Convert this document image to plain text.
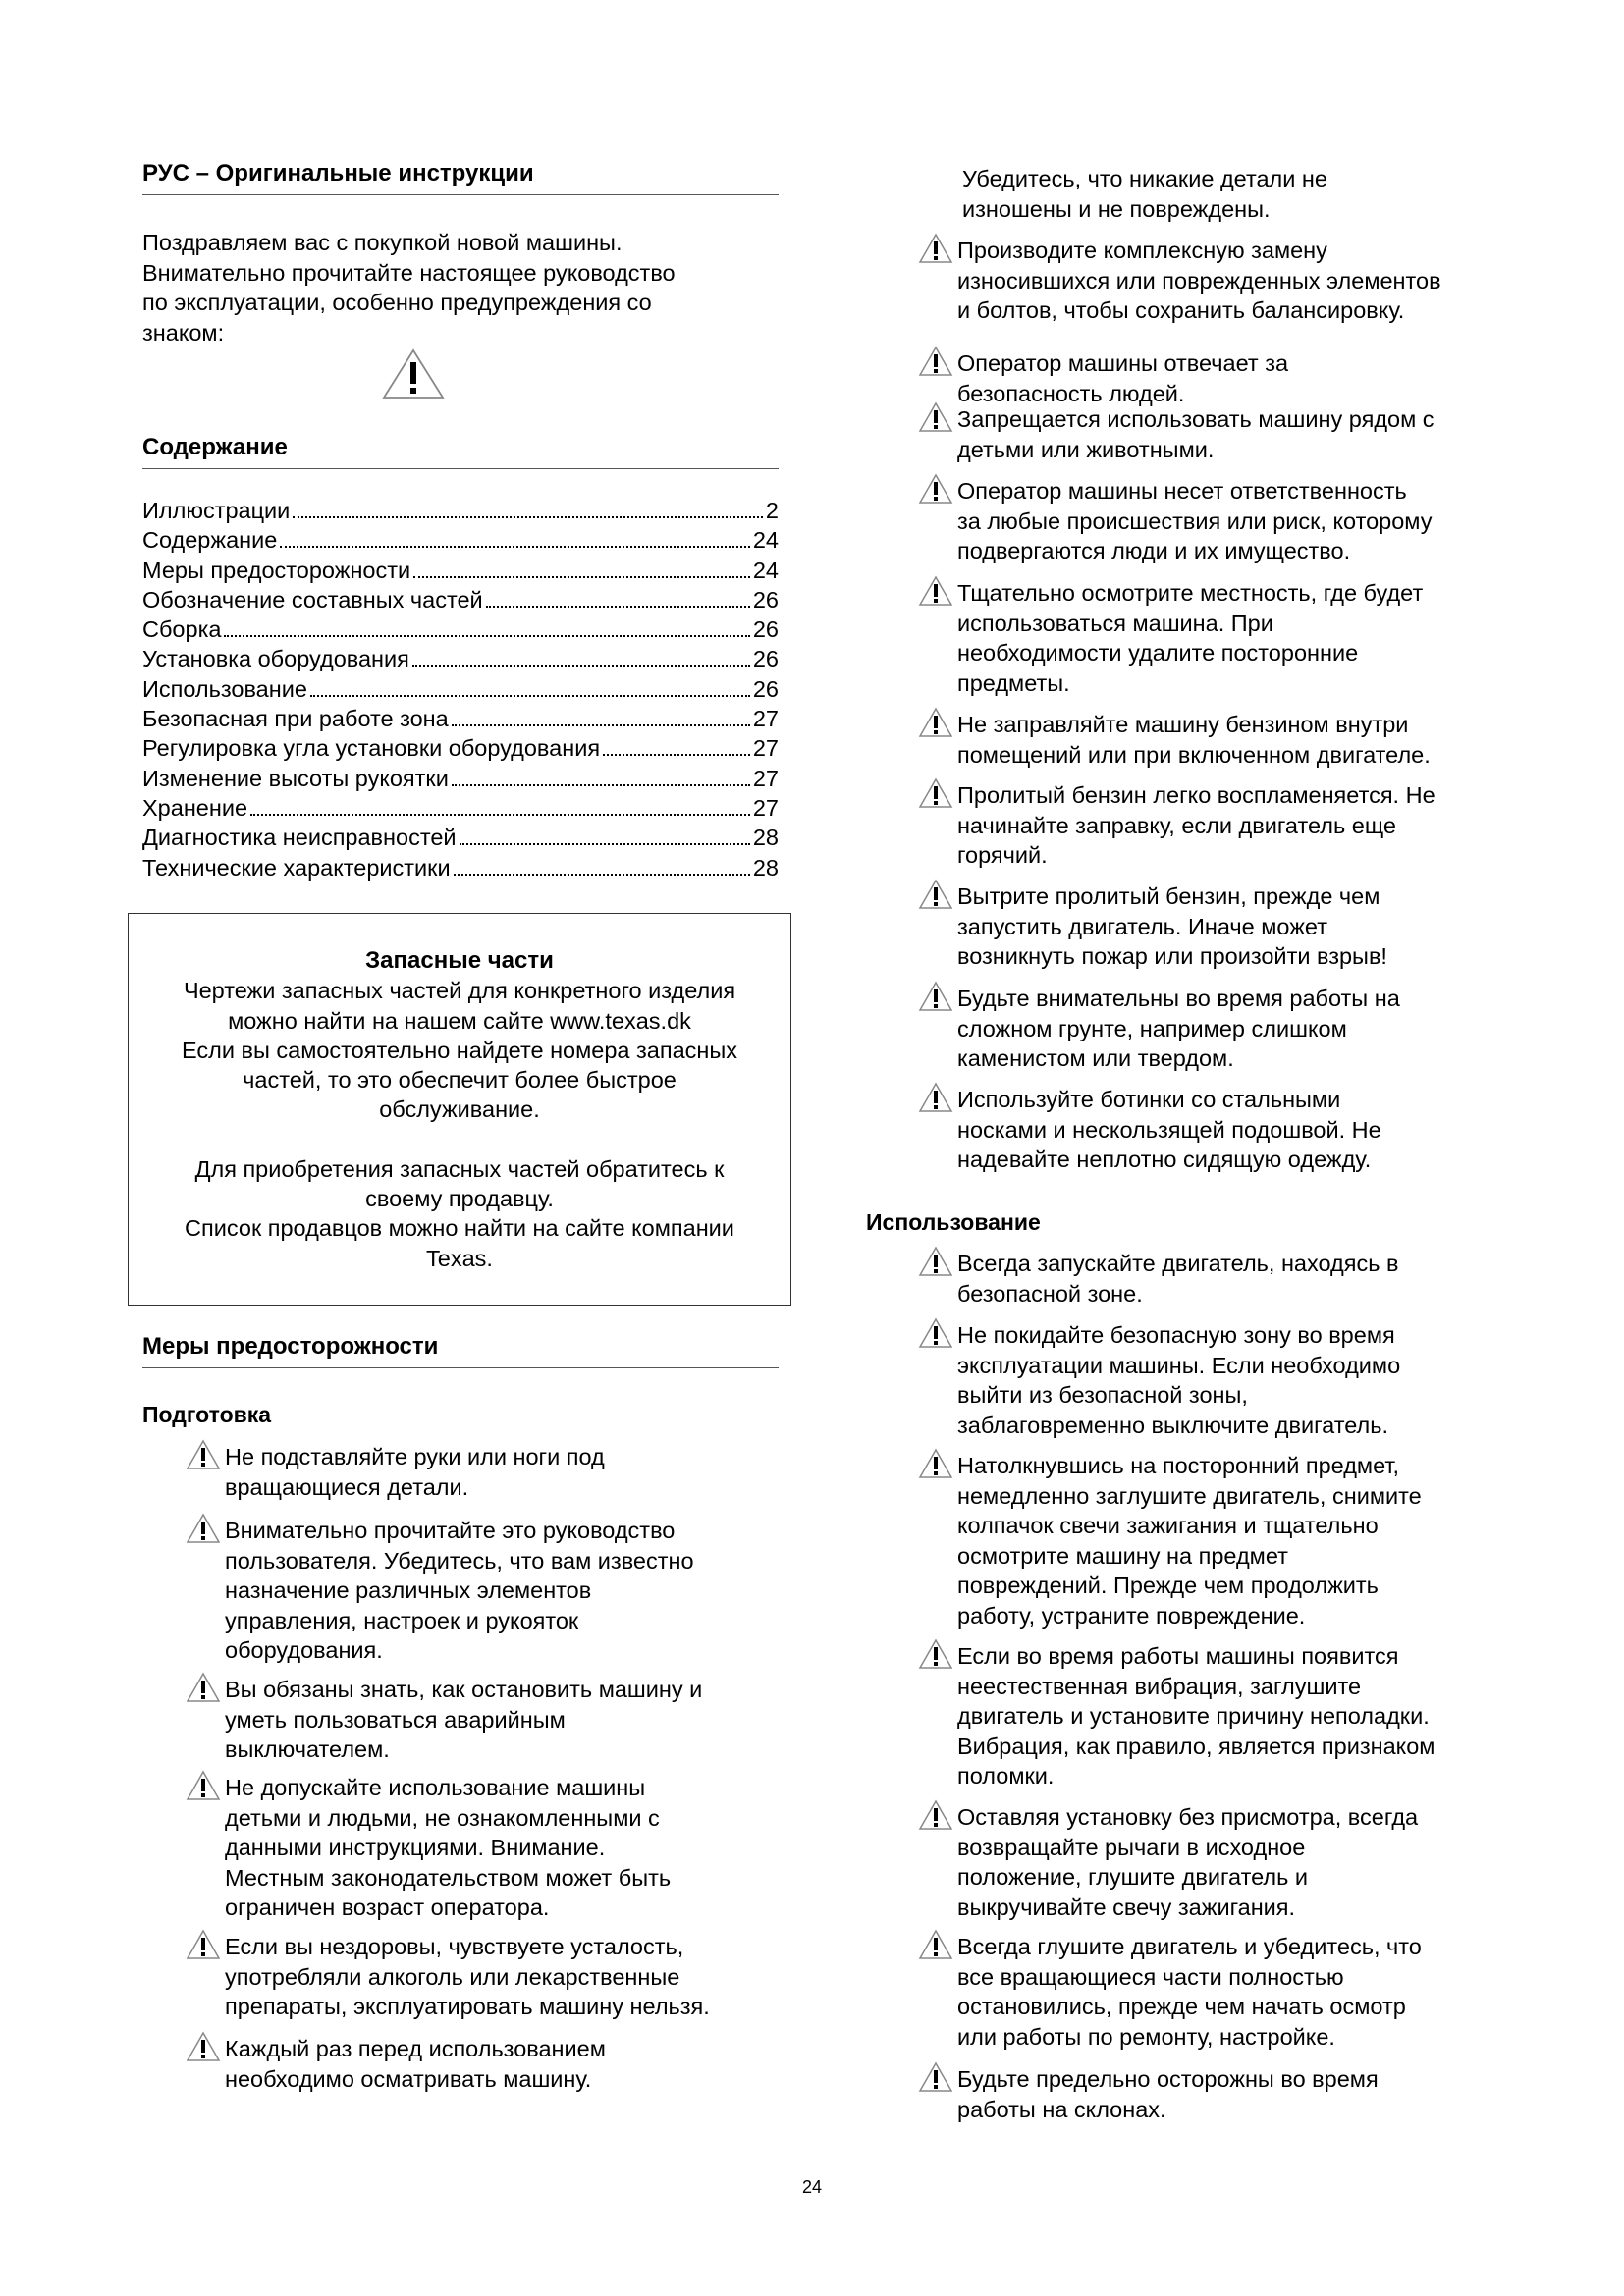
РУС – Оригинальные инструкции
Поздравляем вас с покупкой новой машины.
Внимательно прочитайте настоящее руководство
по эксплуатации, особенно предупреждения со
знаком:
Содержание
Иллюстрации	2
Содержание	24
Меры предосторожности	24
Обозначение составных частей	26
Сборка	26
Установка оборудования	26
Использование	26
Безопасная при работе зона	27
Регулировка угла установки оборудования	27
Изменение высоты рукоятки	27
Хранение	27
Диагностика неисправностей	28
Технические характеристики	28
Запасные части
Чертежи запасных частей для конкретного изделия
можно найти на нашем сайте www.texas.dk
Если вы самостоятельно найдете номера запасных
частей, то это обеспечит более быстрое
обслуживание.
Для приобретения запасных частей обратитесь к
своему продавцу.
Список продавцов можно найти на сайте компании
Texas.
Меры предосторожности
Подготовка
Не подставляйте руки или ноги под
вращающиеся детали.
Внимательно прочитайте это руководство
пользователя. Убедитесь, что вам известно
назначение различных элементов
управления, настроек и рукояток
оборудования.
Вы обязаны знать, как остановить машину и
уметь пользоваться аварийным
выключателем.
Не допускайте использование машины
детьми и людьми, не ознакомленными с
данными инструкциями. Внимание.
Местным законодательством может быть
ограничен возраст оператора.
Если вы нездоровы, чувствуете усталость,
употребляли алкоголь или лекарственные
препараты, эксплуатировать машину нельзя.
Каждый раз перед использованием
необходимо осматривать машину.
Убедитесь, что никакие детали не
изношены и не повреждены.
Производите комплексную замену
износившихся или поврежденных элементов
и болтов, чтобы сохранить балансировку.
Оператор машины отвечает за
безопасность людей.
Запрещается использовать машину рядом с
детьми или животными.
Оператор машины несет ответственность
за любые происшествия или риск, которому
подвергаются люди и их имущество.
Тщательно осмотрите местность, где будет
использоваться машина. При
необходимости удалите посторонние
предметы.
Не заправляйте машину бензином внутри
помещений или при включенном двигателе.
Пролитый бензин легко воспламеняется. Не
начинайте заправку, если двигатель еще
горячий.
Вытрите пролитый бензин, прежде чем
запустить двигатель. Иначе может
возникнуть пожар или произойти взрыв!
Будьте внимательны во время работы на
сложном грунте, например слишком
каменистом или твердом.
Используйте ботинки со стальными
носками и нескользящей подошвой. Не
надевайте неплотно сидящую одежду.
Использование
Всегда запускайте двигатель, находясь в
безопасной зоне.
Не покидайте безопасную зону во время
эксплуатации машины. Если необходимо
выйти из безопасной зоны,
заблаговременно выключите двигатель.
Натолкнувшись на посторонний предмет,
немедленно заглушите двигатель, снимите
колпачок свечи зажигания и тщательно
осмотрите машину на предмет
повреждений. Прежде чем продолжить
работу, устраните повреждение.
Если во время работы машины появится
неестественная вибрация, заглушите
двигатель и установите причину неполадки.
Вибрация, как правило, является признаком
поломки.
Оставляя установку без присмотра, всегда
возвращайте рычаги в исходное
положение, глушите двигатель и
выкручивайте свечу зажигания.
Всегда глушите двигатель и убедитесь, что
все вращающиеся части полностью
остановились, прежде чем начать осмотр
или работы по ремонту, настройке.
Будьте предельно осторожны во время
работы на склонах.
24
